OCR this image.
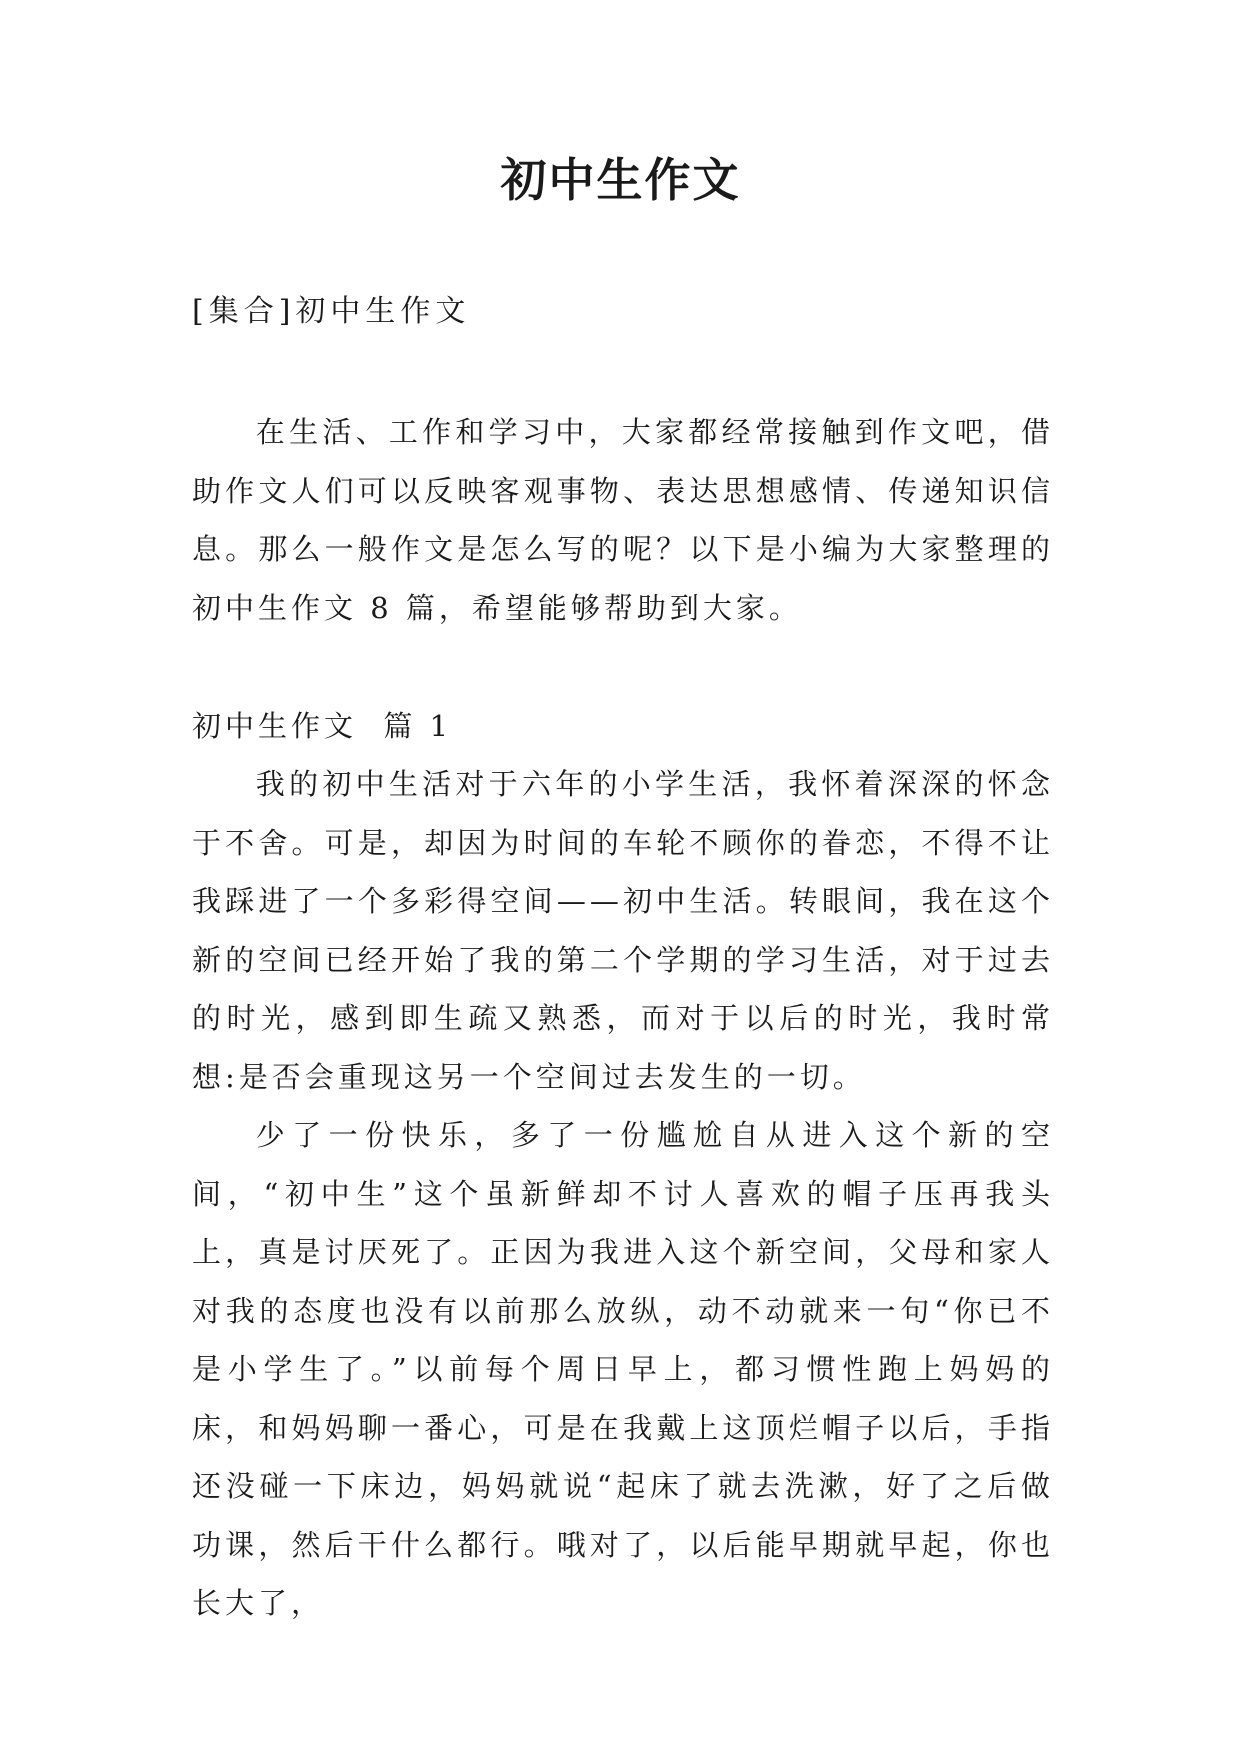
初中生作文

[集合]初中生作文

在生活、工作和学习中，大家都经常接触到作文吧，借助作文人们可以反映客观事物、表达思想感情、传递知识信息。那么一般作文是怎么写的呢？以下是小编为大家整理的初中生作文 8 篇，希望能够帮助到大家。

初中生作文  篇 1

我的初中生活对于六年的小学生活，我怀着深深的怀念于不舍。可是，却因为时间的车轮不顾你的眷恋，不得不让我踩进了一个多彩得空间——初中生活。转眼间，我在这个新的空间已经开始了我的第二个学期的学习生活，对于过去的时光，感到即生疏又熟悉，而对于以后的时光，我时常想:是否会重现这另一个空间过去发生的一切。

少了一份快乐，多了一份尴尬自从进入这个新的空间，“初中生”这个虽新鲜却不讨人喜欢的帽子压再我头上，真是讨厌死了。正因为我进入这个新空间，父母和家人对我的态度也没有以前那么放纵，动不动就来一句“你已不是小学生了。”以前每个周日早上，都习惯性跑上妈妈的床，和妈妈聊一番心，可是在我戴上这顶烂帽子以后，手指还没碰一下床边，妈妈就说“起床了就去洗漱，好了之后做功课，然后干什么都行。哦对了，以后能早期就早起，你也长大了，
